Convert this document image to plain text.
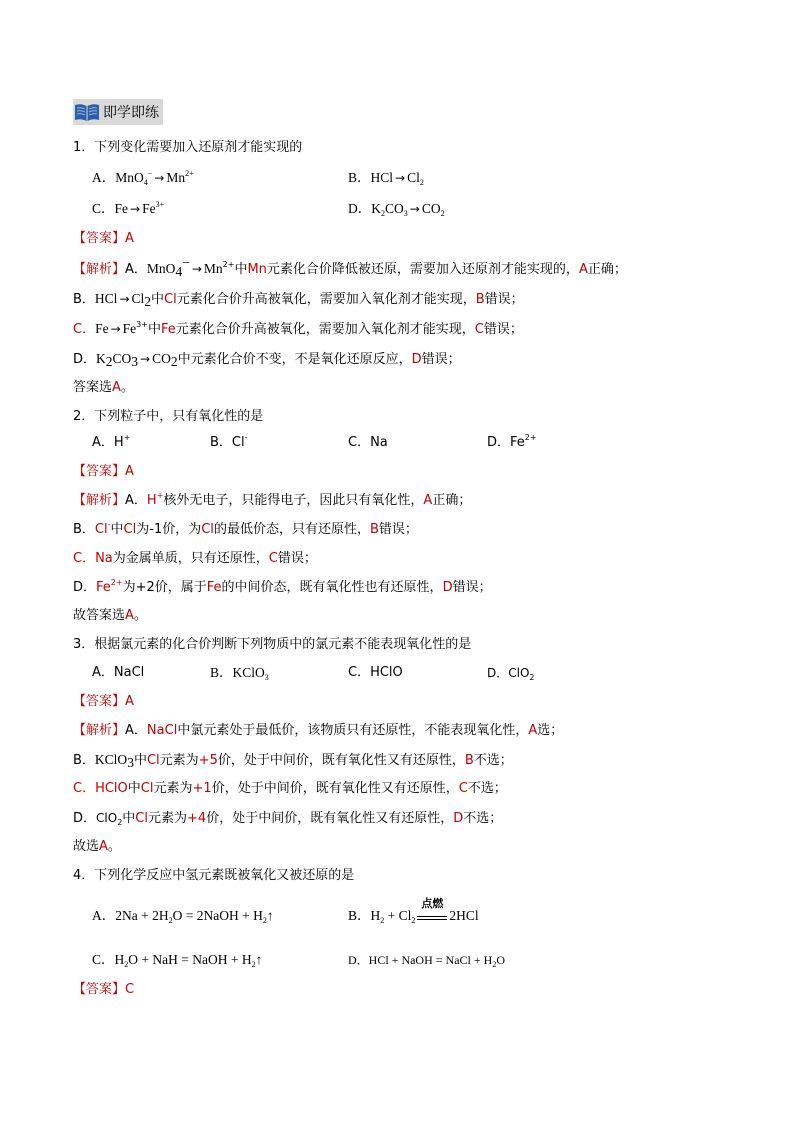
即学即练
1．下列变化需要加入还原剂才能实现的
A．$MnO_4^- \to Mn^{2+}$	B．HCl → $Cl_2$
C．$Fe \to Fe^{3+}$	D．$K_2CO_3 \to CO_2$
【答案】A
【解析】A．$MnO_4^- \to Mn^{2+}$中Mn元素化合价降低被还原，需要加入还原剂才能实现的，A正确；
B．HCl → $Cl_2$中Cl元素化合价升高被氧化，需要加入氧化剂才能实现，B错误；
C．$Fe \to Fe^{3+}$中Fe元素化合价升高被氧化，需要加入氧化剂才能实现，C错误；
D．$K_2CO_3 \to CO_2$中元素化合价不变，不是氧化还原反应，D错误；
答案选A。
2．下列粒子中，只有氧化性的是
A．H+	B．Cl-	C．Na	D．$Fe^{2+}$
【答案】A
【解析】A．H+核外无电子，只能得电子，因此只有氧化性，A正确；
B．Cl-中Cl为-1价，为Cl的最低价态，只有还原性，B错误；
C．Na为金属单质，只有还原性，C错误；
D．$Fe^{2+}$为+2价，属于Fe的中间价态，既有氧化性也有还原性，D错误；
故答案选A。
3．根据氯元素的化合价判断下列物质中的氯元素不能表现氧化性的是
A．NaCl	B．KClO$_3$	C．HClO	D．ClO$_2$
【答案】A
【解析】A．NaCl中氯元素处于最低价，该物质只有还原性，不能表现氧化性，A选；
B．KClO$_3$中Cl元素为+5价，处于中间价，既有氧化性又有还原性，B不选；
C．HClO中Cl元素为+1价，处于中间价，既有氧化性又有还原性，C不选；
D．ClO$_2$中Cl元素为+4价，处于中间价，既有氧化性又有还原性，D不选；
故选A。
4．下列化学反应中氢元素既被氧化又被还原的是
A．$2Na + 2H_2O$ = 2NaOH + $H_2↑$	B．$H_2 + Cl_2$
点燃
2HCl
C．$H_2O$ + NaH = NaOH + $H_2↑$	D．HCl + NaOH = NaCl + $H_2O$
【答案】C
